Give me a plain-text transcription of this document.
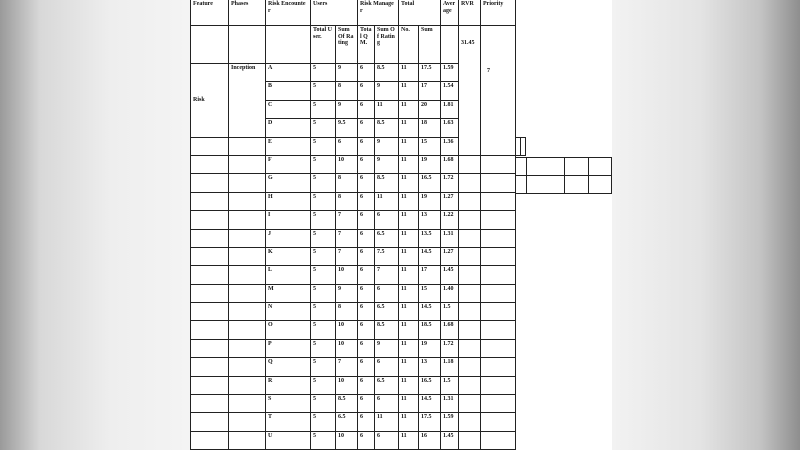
Feature	Phases	Risk Encounter	Users		Risk Manager		Total		Average	RVR	Priority		
			Total User.	Sum Of Rating	Total Q M.	Sum Of Rating	No.	Sum		31.45	7		
Risk	Inception	A	5	9	6	8.5	11	17.5	1.59				
		B	5	8	6	9	11	17	1.54				
		C	5	9	6	11	11	20	1.81				
		D	5	9.5	6	8.5	11	18	1.63				
		E	5	6	6	9	11	15	1.36				
		F	5	10	6	9	11	19	1.68				
		G	5	8	6	8.5	11	16.5	1.72				
		H	5	8	6	11	11	19	1.27				
		I	5	7	6	6	11	13	1.22				
		J	5	7	6	6.5	11	13.5	1.31				
		K	5	7	6	7.5	11	14.5	1.27				
		L	5	10	6	7	11	17	1.45				
		M	5	9	6	6	11	15	1.40				
		N	5	8	6	6.5	11	14.5	1.5				
		O	5	10	6	8.5	11	18.5	1.68				
		P	5	10	6	9	11	19	1.72				
		Q	5	7	6	6	11	13	1.18				
		R	5	10	6	6.5	11	16.5	1.5				
		S	5	8.5	6	6	11	14.5	1.31				
		T	5	6.5	6	11	11	17.5	1.59				
		U	5	10	6	6	11	16	1.45				
